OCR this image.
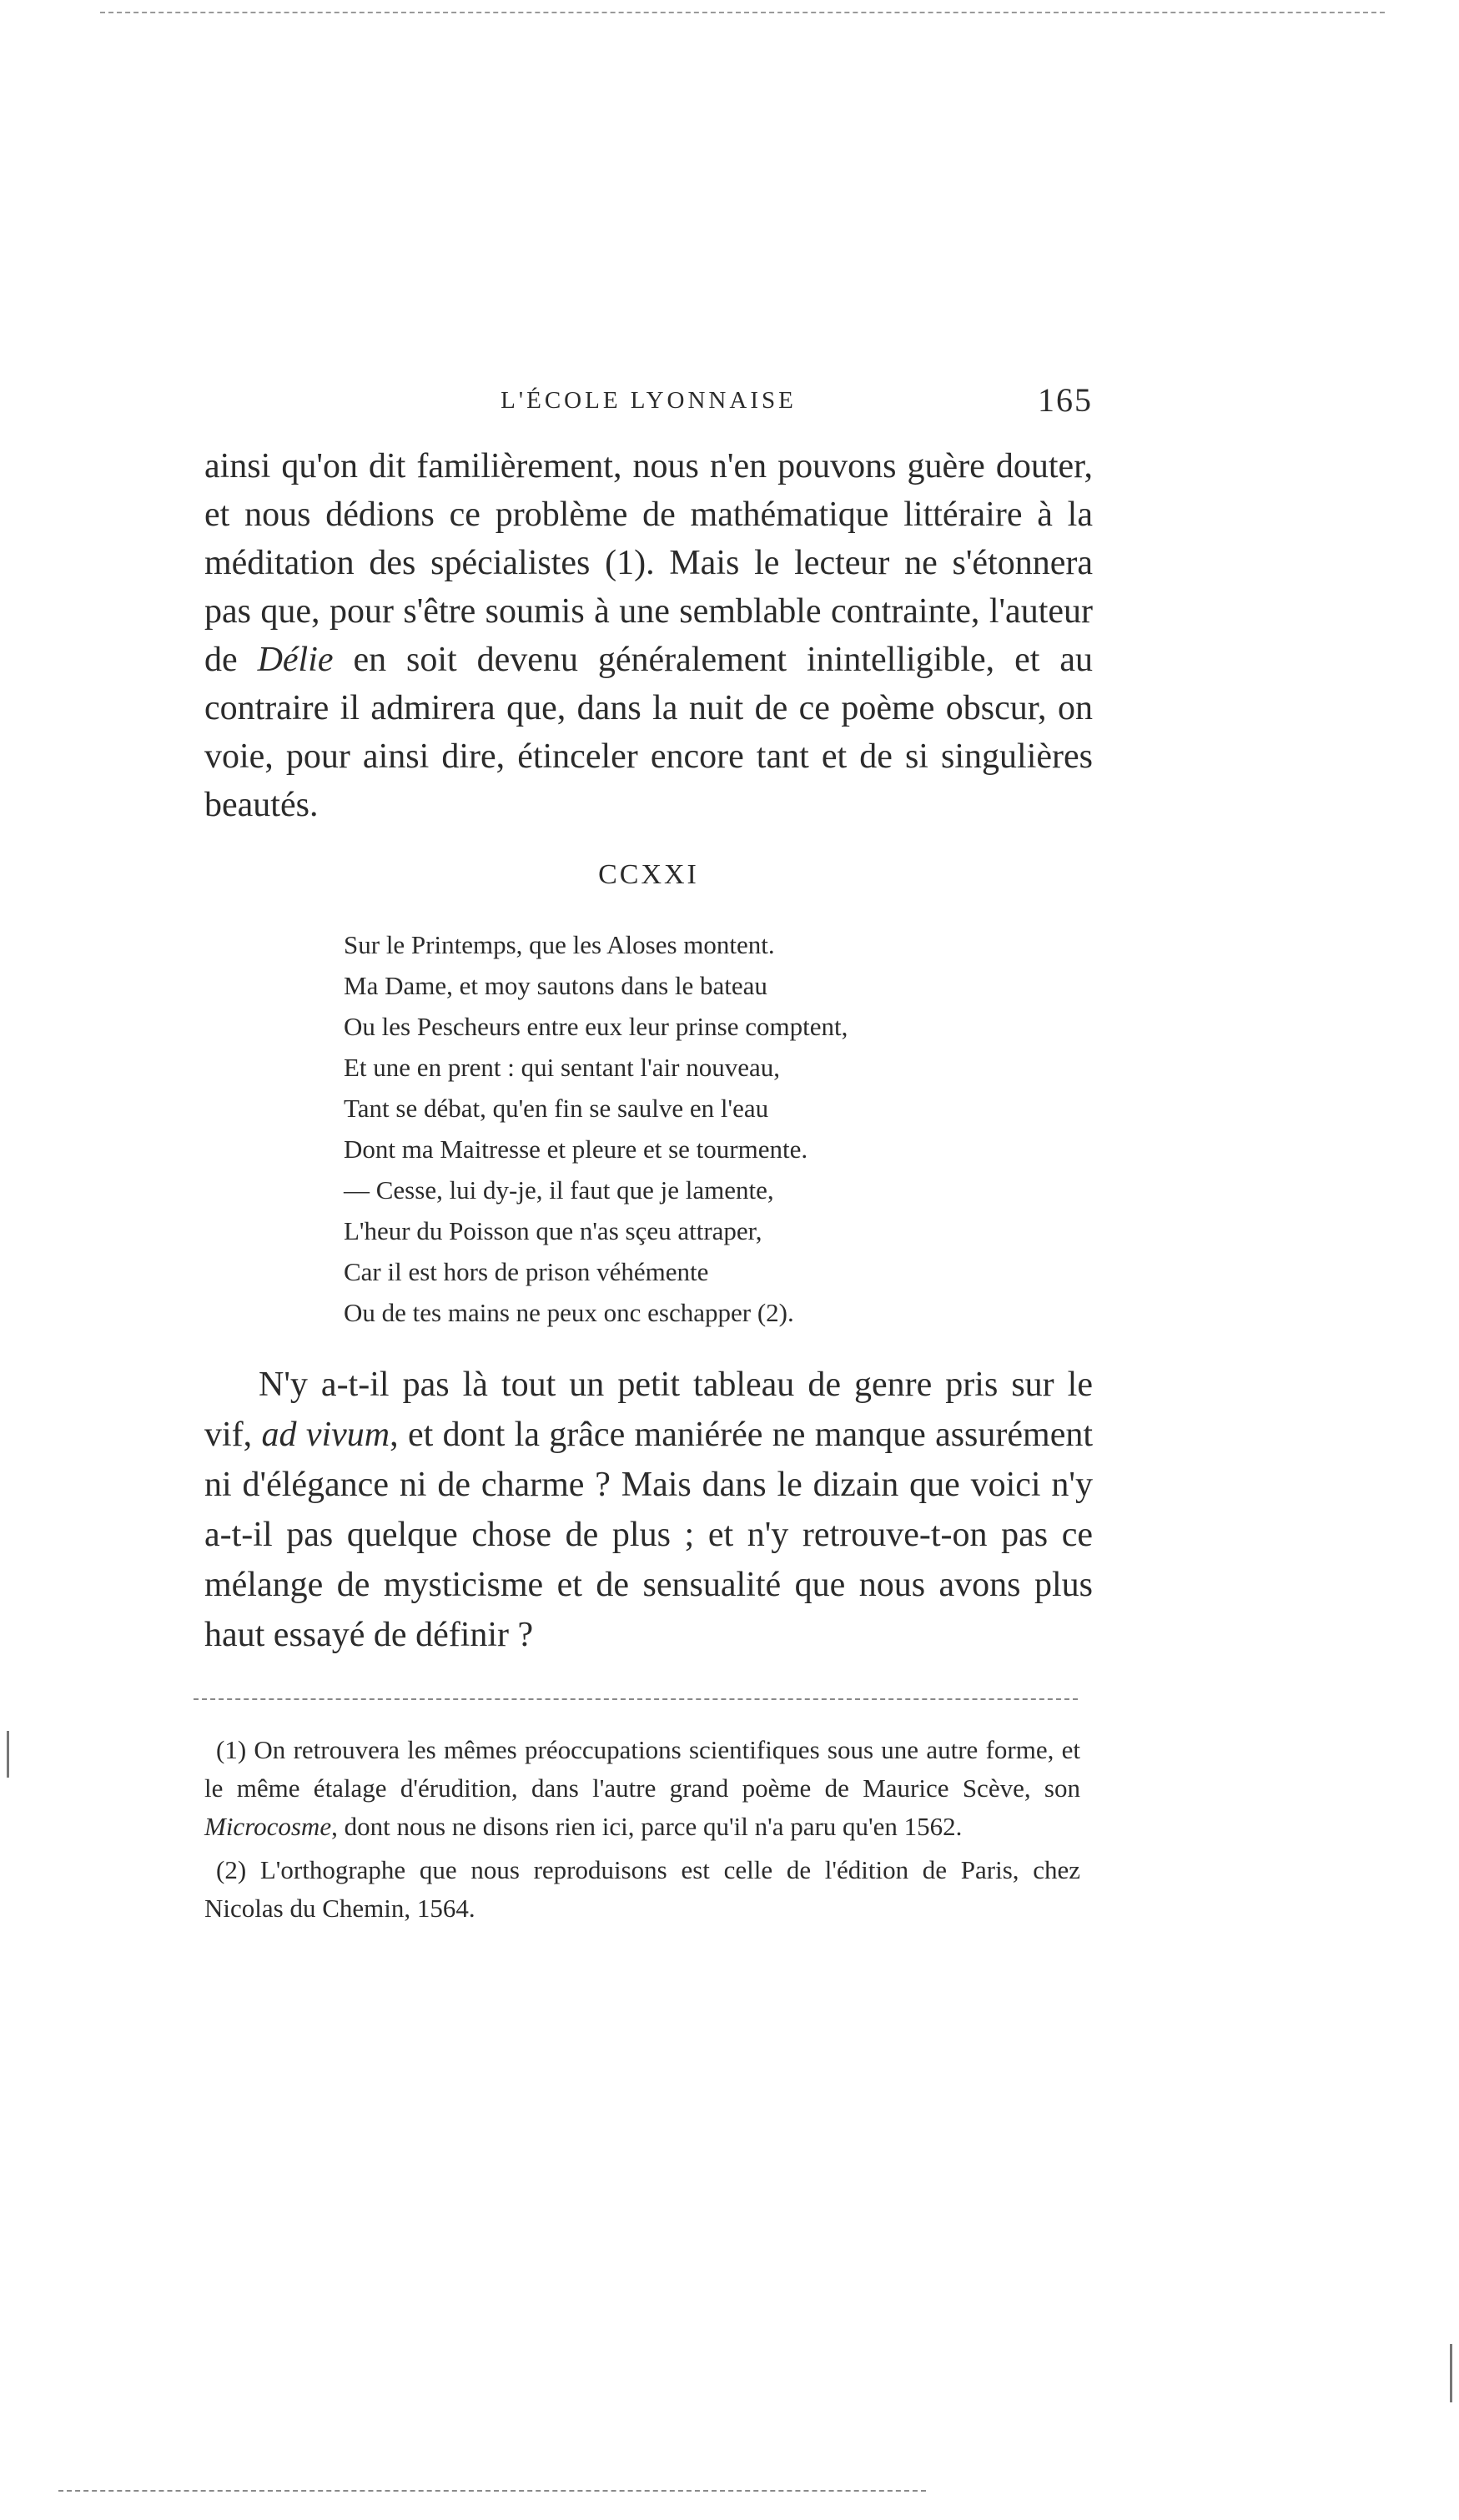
L'ÉCOLE LYONNAISE	165

ainsi qu'on dit familièrement, nous n'en pouvons guère douter, et nous dédions ce problème de mathématique littéraire à la méditation des spécialistes (1). Mais le lecteur ne s'étonnera pas que, pour s'être soumis à une semblable contrainte, l'auteur de Délie en soit devenu généralement inintelligible, et au contraire il admirera que, dans la nuit de ce poème obscur, on voie, pour ainsi dire, étinceler encore tant et de si singulières beautés.

CCXXI
Sur le Printemps, que les Aloses montent.
Ma Dame, et moy sautons dans le bateau
Ou les Pescheurs entre eux leur prinse comptent,
Et une en prent : qui sentant l'air nouveau,
Tant se débat, qu'en fin se saulve en l'eau
Dont ma Maitresse et pleure et se tourmente.
— Cesse, lui dy-je, il faut que je lamente,
L'heur du Poisson que n'as sçeu attraper,
Car il est hors de prison véhémente
Ou de tes mains ne peux onc eschapper (2).

N'y a-t-il pas là tout un petit tableau de genre pris sur le vif, ad vivum, et dont la grâce maniérée ne manque assurément ni d'élégance ni de charme ? Mais dans le dizain que voici n'y a-t-il pas quelque chose de plus ; et n'y retrouve-t-on pas ce mélange de mysticisme et de sensualité que nous avons plus haut essayé de définir ?

(1) On retrouvera les mêmes préoccupations scientifiques sous une autre forme, et le même étalage d'érudition, dans l'autre grand poème de Maurice Scève, son Microcosme, dont nous ne disons rien ici, parce qu'il n'a paru qu'en 1562.

(2) L'orthographe que nous reproduisons est celle de l'édition de Paris, chez Nicolas du Chemin, 1564.
